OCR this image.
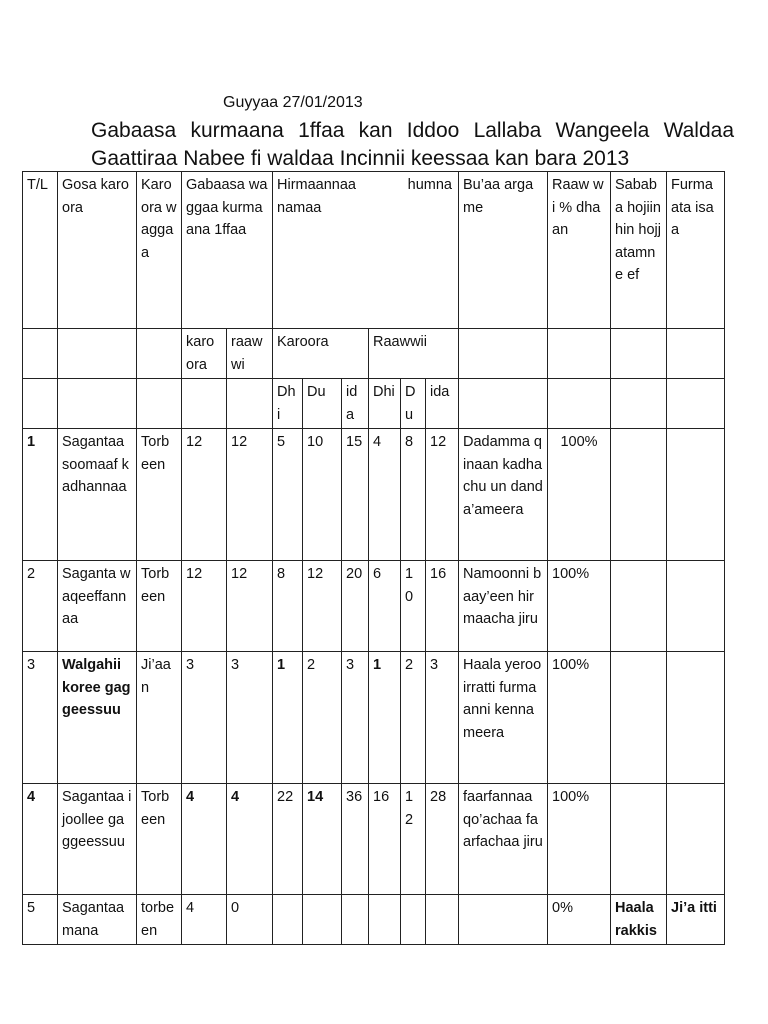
Guyyaa 27/01/2013
Gabaasa kurmaana 1ffaa kan Iddoo Lallaba Wangeela Waldaa Gaattiraa Nabee fi waldaa Incinnii keessaa kan bara 2013
T/L	Gosa karoora	Karoora waggaa	Gabaasa waggaa kurmaana 1ffaa		Hirmaannaa humna
namaa						Bu’aa argame	Raaw wi % dhaan	Sababa hojiin hin hojjatamne ef	Furmaata isaa
			karoora	raawwi	Karoora			Raawwii						
					Dhi	Du	ida	Dhi	Du	ida				
1	Sagantaa soomaaf kadhannaa	Torbeen	12	12	5	10	15	4	8	12	Dadamma qinaan kadhachu un danda’ameera	100%		
2	Saganta waqeeffannaa	Torbeen	12	12	8	12	20	6	10	16	Namoonni baay’een hirmaacha jiru	100%		
3	Walgahii koree gaggeessuu	Ji’aan	3	3	1	2	3	1	2	3	Haala yeroo irratti furmaanni kennameera	100%		
4	Sagantaa ijoollee gaggeessuu	Torbeen	4	4	22	14	36	16	12	28	faarfannaa qo’achaa faarfachaa jiru	100%		
5	Sagantaa mana	torbeen	4	0								0%	Haala rakkis	Ji’a itti
